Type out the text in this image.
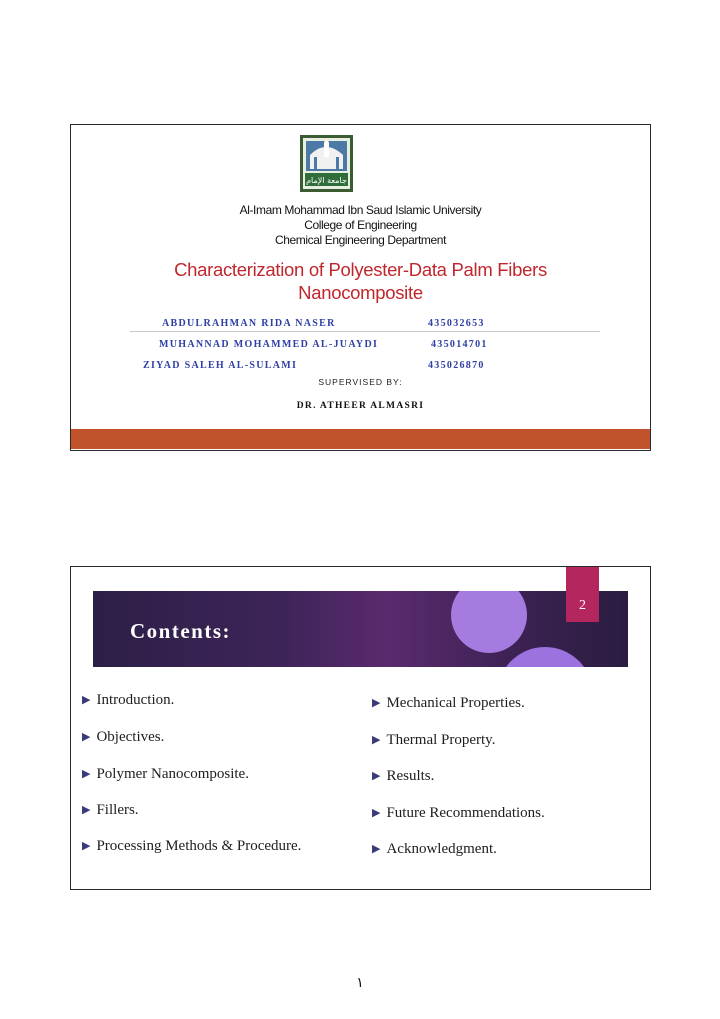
جامعة الإمام
Al-Imam Mohammad Ibn Saud Islamic University
College of Engineering
Chemical Engineering Department
Characterization of Polyester-Data Palm Fibers
Nanocomposite
ABDULRAHMAN RIDA NASER	435032653
MUHANNAD MOHAMMED AL-JUAYDI	435014701
ZIYAD SALEH AL-SULAMI	435026870
SUPERVISED BY:
DR. ATHEER ALMASRI
Contents:
2
▶ Introduction.
▶ Objectives.
▶ Polymer Nanocomposite.
▶ Fillers.
▶ Processing Methods & Procedure.
▶ Mechanical Properties.
▶ Thermal Property.
▶ Results.
▶ Future Recommendations.
▶ Acknowledgment.
١
